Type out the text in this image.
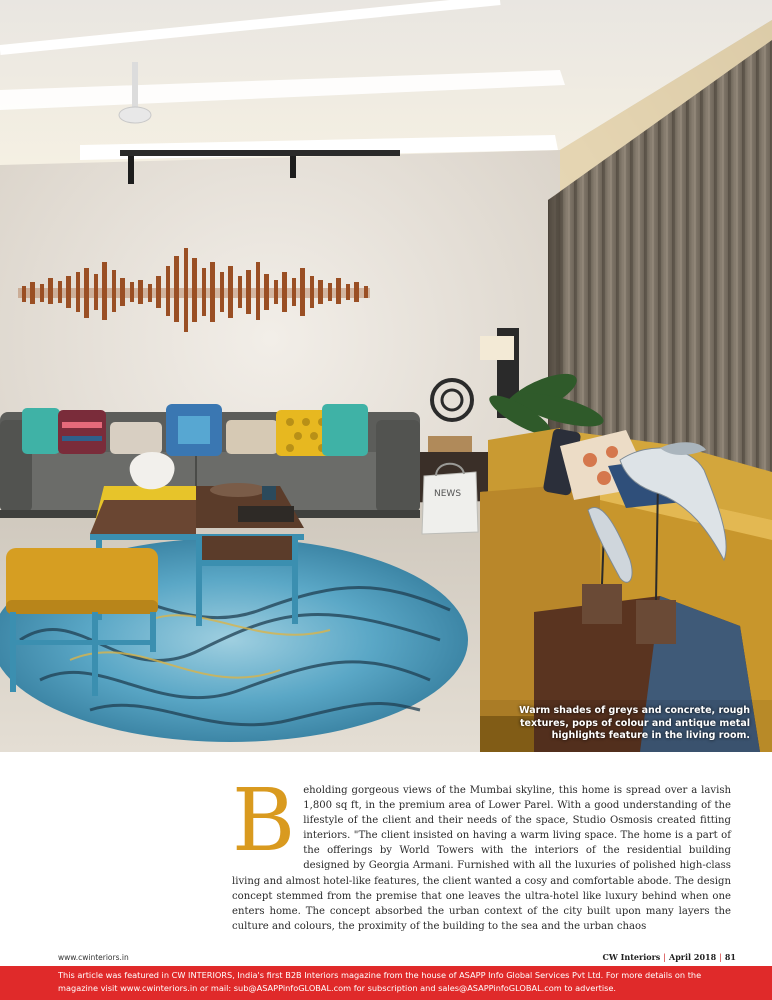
NEWS
Warm shades of greys and concrete, rough
textures, pops of colour and antique metal
highlights feature in the living room.
B eholding gorgeous views of the Mumbai skyline, this home is spread over a lavish 1,800 sq ft, in the premium area of Lower Parel. With a good understanding of the lifestyle of the client and their needs of the space, Studio Osmosis created fitting interiors. "The client insisted on having a warm living space. The home is a part of the offerings by World Towers with the interiors of the residential building designed by Georgia Armani. Furnished with all the luxuries of polished high-class living and almost hotel-like features, the client wanted a cosy and comfortable abode. The design concept stemmed from the premise that one leaves the ultra-hotel like luxury behind when one enters home. The concept absorbed the urban context of the city built upon many layers the culture and colours, the proximity of the building to the sea and the urban chaos

www.cwinteriors.in	CW Interiors | April 2018 | 81
This article was featured in CW INTERIORS, India's first B2B Interiors magazine from the house of ASAPP Info Global Services Pvt Ltd. For more details on the
magazine visit www.cwinteriors.in or mail: sub@ASAPPinfoGLOBAL.com for subscription and sales@ASAPPinfoGLOBAL.com to advertise.
